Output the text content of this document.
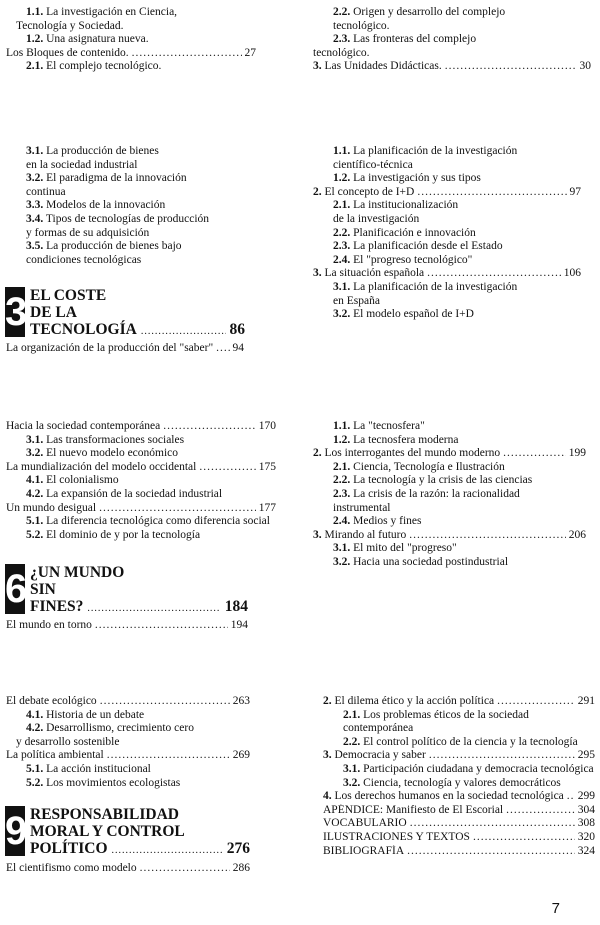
1.1. La investigación en Ciencia,
Tecnología y Sociedad.
1.2. Una asignatura nueva.
Los Bloques de contenido. .....	27
2.1. El complejo tecnológico.
2.2. Origen y desarrollo del complejo
tecnológico.
2.3. Las fronteras del complejo
tecnológico.
3. Las Unidades Didácticas. .....	30
3.1. La producción de bienes
en la sociedad industrial
3.2. El paradigma de la innovación
continua
3.3. Modelos de la innovación
3.4. Tipos de tecnologías de producción
y formas de su adquisición
3.5. La producción de bienes bajo
condiciones tecnológicas
3 EL COSTE
DE LA
TECNOLOGÍA .....	86
La organización de la producción del "saber" ..... 94
1.1. La planificación de la investigación
científico-técnica
1.2. La investigación y sus tipos
2. El concepto de I+D .....	97
2.1. La institucionalización
de la investigación
2.2. Planificación e innovación
2.3. La planificación desde el Estado
2.4. El "progreso tecnológico"
3. La situación española .....	106
3.1. La planificación de la investigación
en España
3.2. El modelo español de I+D
Hacia la sociedad contemporánea .....	170
3.1. Las transformaciones sociales
3.2. El nuevo modelo económico
La mundialización del modelo occidental .....	175
4.1. El colonialismo
4.2. La expansión de la sociedad industrial
Un mundo desigual .....	177
5.1. La diferencia tecnológica como diferencia social
5.2. El dominio de y por la tecnología
6 ¿UN MUNDO
SIN
FINES? .....	184
El mundo en torno .....	194
1.1. La "tecnosfera"
1.2. La tecnosfera moderna
2. Los interrogantes del mundo moderno .....	199
2.1. Ciencia, Tecnología e Ilustración
2.2. La tecnología y la crisis de las ciencias
2.3. La crisis de la razón: la racionalidad
instrumental
2.4. Medios y fines
3. Mirando al futuro .....	206
3.1. El mito del "progreso"
3.2. Hacia una sociedad postindustrial
El debate ecológico .....	263
4.1. Historia de un debate
4.2. Desarrollismo, crecimiento cero
y desarrollo sostenible
La política ambiental .....	269
5.1. La acción institucional
5.2. Los movimientos ecologistas
9 RESPONSABILIDAD
MORAL Y CONTROL
POLÍTICO .....	276
El cientifismo como modelo .....	286
2. El dilema ético y la acción política .....	291
2.1. Los problemas éticos de la sociedad
contemporánea
2.2. El control político de la ciencia y la tecnología
3. Democracia y saber .....	295
3.1. Participación ciudadana y democracia tecnológica
3.2. Ciencia, tecnología y valores democráticos
4. Los derechos humanos en la sociedad tecnológica ..... 299
APÉNDICE: Manifiesto de El Escorial .....	304
VOCABULARIO .....	308
ILUSTRACIONES Y TEXTOS .....	320
BIBLIOGRAFÍA .....	324
7
